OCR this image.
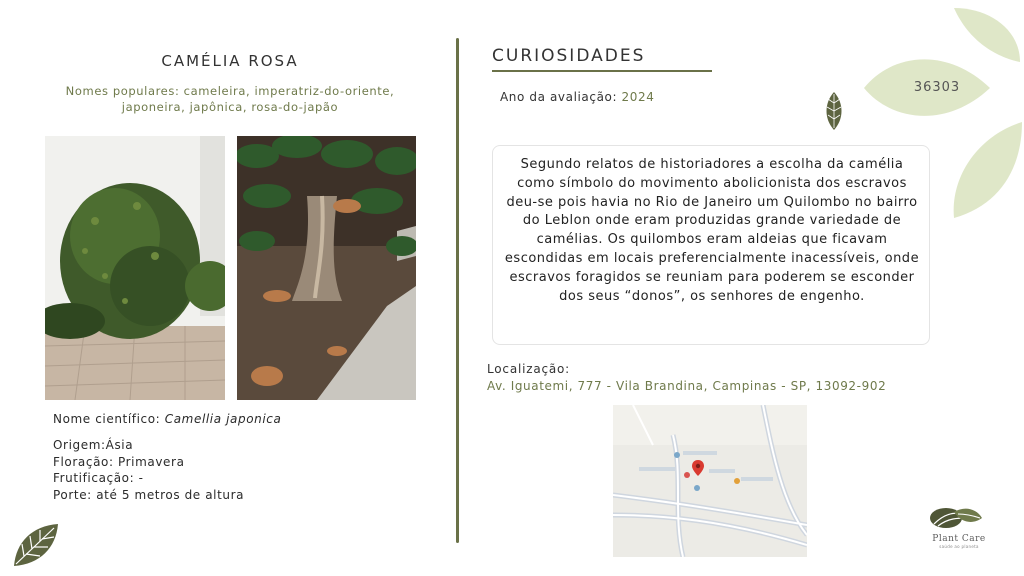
36303
CAMÉLIA ROSA
Nomes populares: cameleira, imperatriz-do-oriente,
japoneira, japônica, rosa-do-japão
Nome científico: Camellia japonica
Origem:Ásia
Floração: Primavera
Frutificação: -
Porte: até 5 metros de altura
CURIOSIDADES
Ano da avaliação: 2024
Segundo relatos de historiadores a escolha da camélia como símbolo do movimento abolicionista dos escravos deu-se pois havia no Rio de Janeiro um Quilombo no bairro do Leblon onde eram produzidas grande variedade de camélias. Os quilombos eram aldeias que ficavam escondidas em locais preferencialmente inacessíveis, onde escravos foragidos se reuniam para poderem se esconder dos seus “donos”, os senhores de engenho.
Localização:
Av. Iguatemi, 777 - Vila Brandina, Campinas - SP, 13092-902
Plant Care
saúde ao planeta
